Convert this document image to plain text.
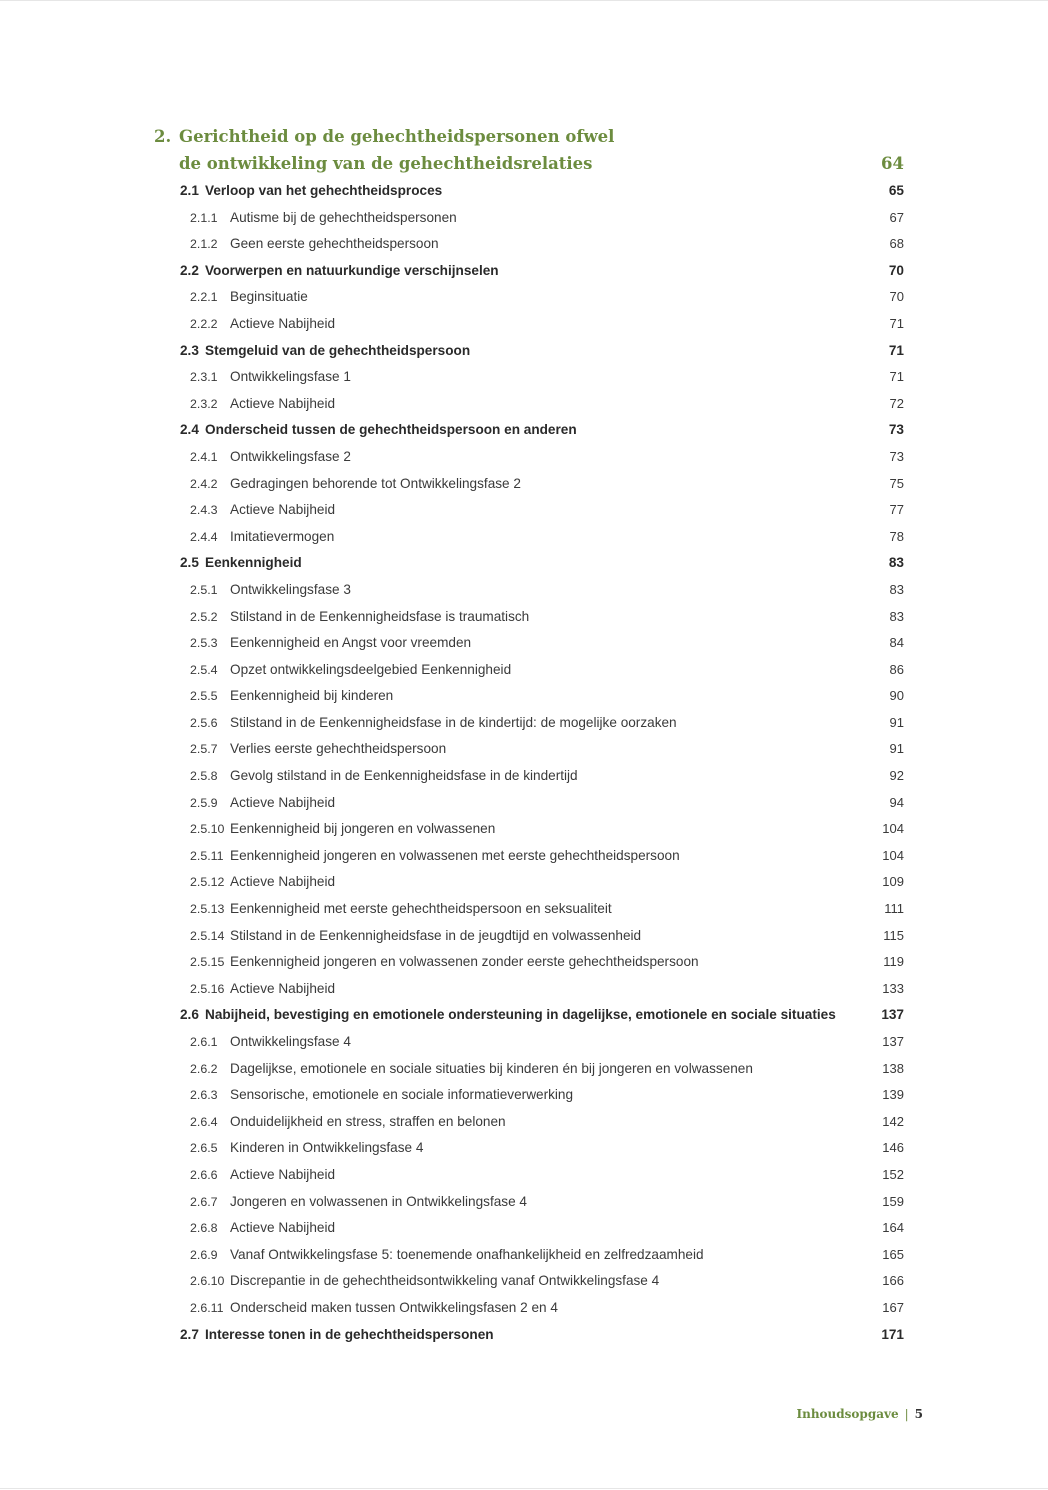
2. Gerichtheid op de gehechtheidspersonen ofwel
de ontwikkeling van de gehechtheidsrelaties	64
2.1 Verloop van het gehechtheidsproces	65
2.1.1 Autisme bij de gehechtheidspersonen	67
2.1.2 Geen eerste gehechtheidspersoon	68
2.2 Voorwerpen en natuurkundige verschijnselen	70
2.2.1 Beginsituatie	70
2.2.2 Actieve Nabijheid	71
2.3 Stemgeluid van de gehechtheidspersoon	71
2.3.1 Ontwikkelingsfase 1	71
2.3.2 Actieve Nabijheid	72
2.4 Onderscheid tussen de gehechtheidspersoon en anderen	73
2.4.1 Ontwikkelingsfase 2	73
2.4.2 Gedragingen behorende tot Ontwikkelingsfase 2	75
2.4.3 Actieve Nabijheid	77
2.4.4 Imitatievermogen	78
2.5 Eenkennigheid	83
2.5.1 Ontwikkelingsfase 3	83
2.5.2 Stilstand in de Eenkennigheidsfase is traumatisch	83
2.5.3 Eenkennigheid en Angst voor vreemden	84
2.5.4 Opzet ontwikkelingsdeelgebied Eenkennigheid	86
2.5.5 Eenkennigheid bij kinderen	90
2.5.6 Stilstand in de Eenkennigheidsfase in de kindertijd: de mogelijke oorzaken	91
2.5.7 Verlies eerste gehechtheidspersoon	91
2.5.8 Gevolg stilstand in de Eenkennigheidsfase in de kindertijd	92
2.5.9 Actieve Nabijheid	94
2.5.10 Eenkennigheid bij jongeren en volwassenen	104
2.5.11 Eenkennigheid jongeren en volwassenen met eerste gehechtheidspersoon	104
2.5.12 Actieve Nabijheid	109
2.5.13 Eenkennigheid met eerste gehechtheidspersoon en seksualiteit	111
2.5.14 Stilstand in de Eenkennigheidsfase in de jeugdtijd en volwassenheid	115
2.5.15 Eenkennigheid jongeren en volwassenen zonder eerste gehechtheidspersoon	119
2.5.16 Actieve Nabijheid	133
2.6 Nabijheid, bevestiging en emotionele ondersteuning in dagelijkse, emotionele en sociale situaties	137
2.6.1 Ontwikkelingsfase 4	137
2.6.2 Dagelijkse, emotionele en sociale situaties bij kinderen én bij jongeren en volwassenen	138
2.6.3 Sensorische, emotionele en sociale informatieverwerking	139
2.6.4 Onduidelijkheid en stress, straffen en belonen	142
2.6.5 Kinderen in Ontwikkelingsfase 4	146
2.6.6 Actieve Nabijheid	152
2.6.7 Jongeren en volwassenen in Ontwikkelingsfase 4	159
2.6.8 Actieve Nabijheid	164
2.6.9 Vanaf Ontwikkelingsfase 5: toenemende onafhankelijkheid en zelfredzaamheid	165
2.6.10 Discrepantie in de gehechtheidsontwikkeling vanaf Ontwikkelingsfase 4	166
2.6.11 Onderscheid maken tussen Ontwikkelingsfasen 2 en 4	167
2.7 Interesse tonen in de gehechtheidspersonen	171
Inhoudsopgave | 5
